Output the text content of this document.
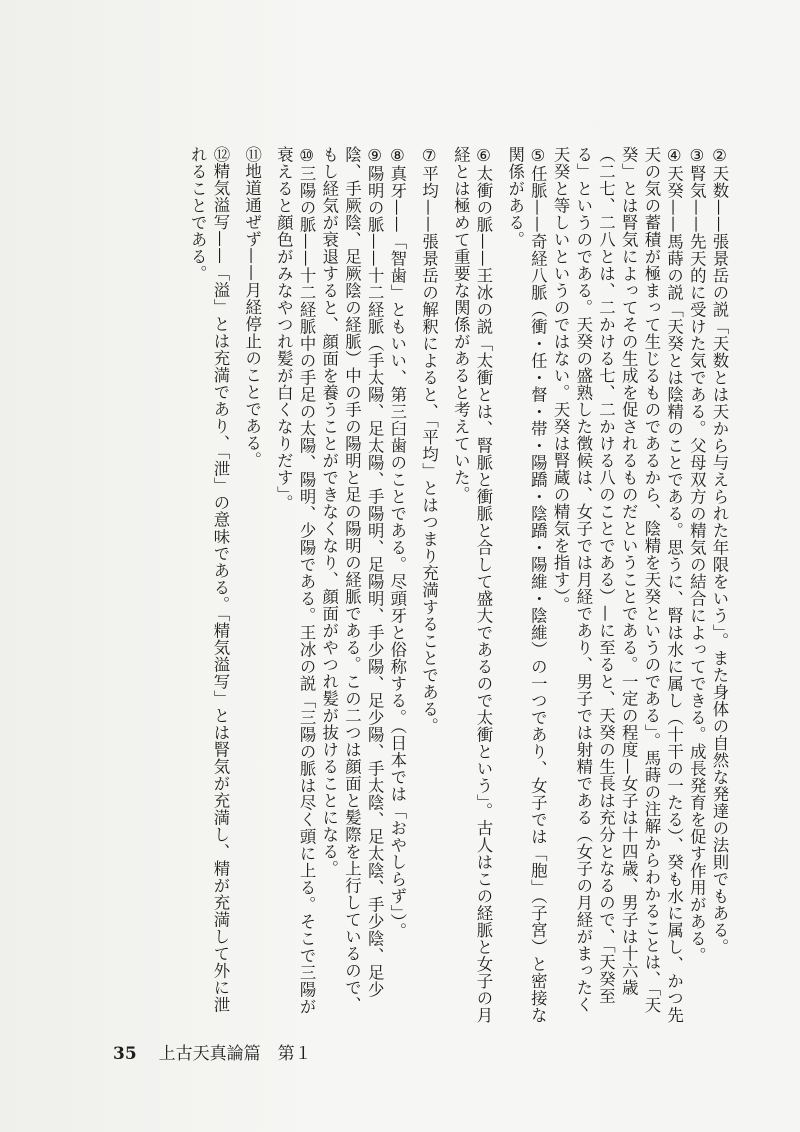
②天数——張景岳の説「天数とは天から与えられた年限をいう」。また身体の自然な発達の法則でもある。

③腎気——先天的に受けた気である。父母双方の精気の結合によってできる。成長発育を促す作用がある。

④天癸——馬蒔の説「天癸とは陰精のことである。思うに、腎は水に属し（十干の一たる）、癸も水に属し、かつ先天の気の蓄積が極まって生じるものであるから、陰精を天癸というのである」。馬蒔の注解からわかることは、「天癸」とは腎気によってその生成を促されるものだということである。一定の程度—女子は十四歳、男子は十六歳（二七、二八とは、二かける七、二かける八のことである）—に至ると、天癸の生長は充分となるので、「天癸至る」というのである。天癸の盛熟した徴候は、女子では月経であり、男子では射精である（女子の月経がまったく天癸と等しいというのではない。天癸は腎蔵の精気を指す）。

⑤任脈——奇経八脈（衝・任・督・帯・陽蹻・陰蹻・陽維・陰維）の一つであり、女子では「胞」（子宮）と密接な関係がある。

⑥太衝の脈——王冰の説「太衝とは、腎脈と衝脈と合して盛大であるので太衝という」。古人はこの経脈と女子の月経とは極めて重要な関係があると考えていた。

⑦平均——張景岳の解釈によると、「平均」とはつまり充満することである。

⑧真牙——「智歯」ともいい、第三臼歯のことである。尽頭牙と俗称する。（日本では「おやしらず」）。

⑨陽明の脈——十二経脈（手太陽、足太陽、手陽明、足陽明、手少陽、足少陽、手太陰、足太陰、手少陰、足少陰、手厥陰、足厥陰の経脈）中の手の陽明と足の陽明の経脈である。この二つは顔面と髪際を上行しているので、もし経気が衰退すると、顔面を養うことができなくなり、顔面がやつれ髪が抜けることになる。

⑩三陽の脈——十二経脈中の手足の太陽、陽明、少陽である。王冰の説「三陽の脈は尽く頭に上る。そこで三陽が衰えると顔色がみなやつれ髪が白くなりだす」。

⑪地道通ぜず——月経停止のことである。

⑫精気溢写——「溢」とは充満であり、「泄」の意味である。「精気溢写」とは腎気が充満し、精が充満して外に泄れることである。

35 上古天真論篇　第１
